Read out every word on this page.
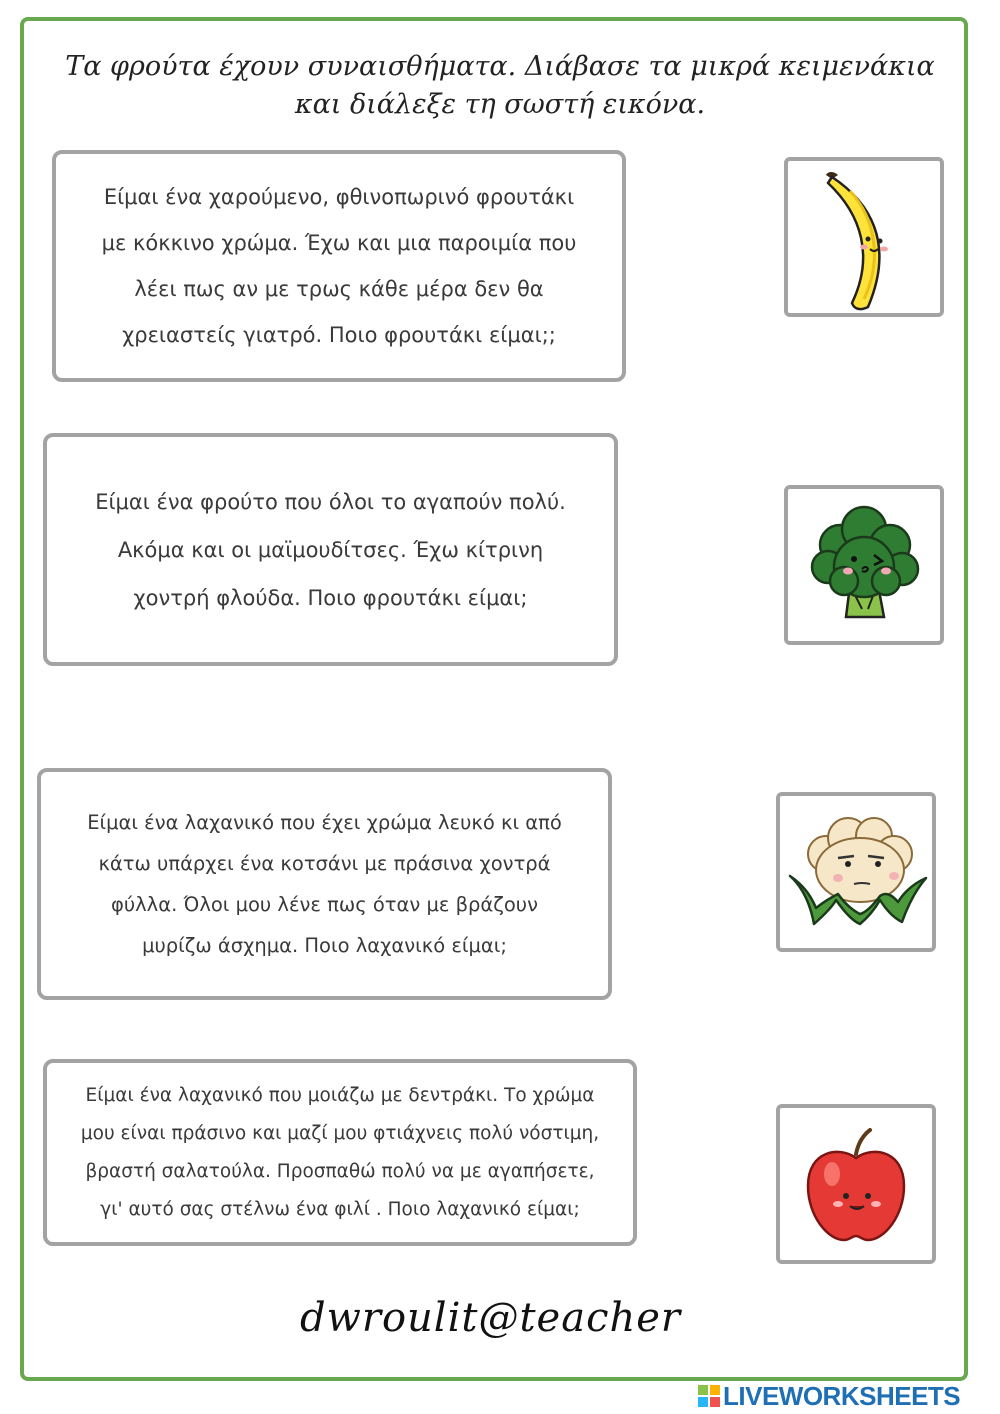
Τα φρούτα έχουν συναισθήματα. Διάβασε τα μικρά κειμενάκια
και διάλεξε τη σωστή εικόνα.
Είμαι ένα χαρούμενο, φθινοπωρινό φρουτάκι
με κόκκινο χρώμα. Έχω και μια παροιμία που
λέει πως αν με τρως κάθε μέρα δεν θα
χρειαστείς γιατρό. Ποιο φρουτάκι είμαι;;
Είμαι ένα φρούτο που όλοι το αγαπούν πολύ.
Ακόμα και οι μαϊμουδίτσες. Έχω κίτρινη
χοντρή φλούδα. Ποιο φρουτάκι είμαι;
Είμαι ένα λαχανικό που έχει χρώμα λευκό κι από
κάτω υπάρχει ένα κοτσάνι με πράσινα χοντρά
φύλλα. Όλοι μου λένε πως όταν με βράζουν
μυρίζω άσχημα. Ποιο λαχανικό είμαι;
Είμαι ένα λαχανικό που μοιάζω με δεντράκι. Το χρώμα
μου είναι πράσινο και μαζί μου φτιάχνεις πολύ νόστιμη,
βραστή σαλατούλα. Προσπαθώ πολύ να με αγαπήσετε,
γι' αυτό σας στέλνω ένα φιλί . Ποιο λαχανικό είμαι;
dwroulit@teacher
LIVEWORKSHEETS
